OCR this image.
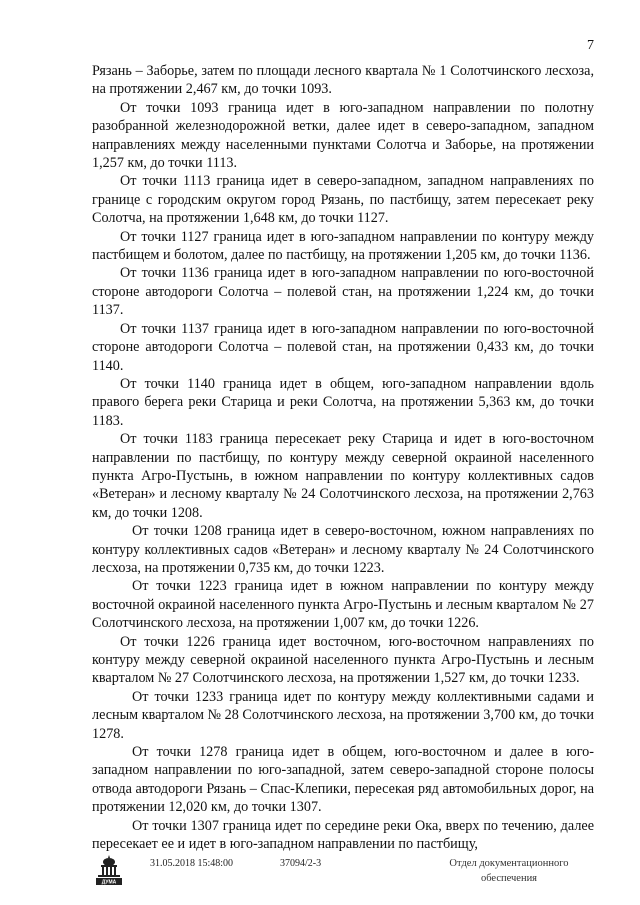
7

Рязань – Заборье, затем по площади лесного квартала № 1 Солотчинского лесхоза, на протяжении 2,467 км, до точки 1093.

От точки 1093 граница идет в юго-западном направлении по полотну разобранной железнодорожной ветки, далее идет в северо-западном, западном направлениях между населенными пунктами Солотча и Заборье, на протяжении 1,257 км, до точки 1113.

От точки 1113 граница идет в северо-западном, западном направлениях по границе с городским округом город Рязань, по пастбищу, затем пересекает реку Солотча, на протяжении 1,648 км, до точки 1127.

От точки 1127 граница идет в юго-западном направлении по контуру между пастбищем и болотом, далее по пастбищу, на протяжении 1,205 км, до точки 1136.

От точки 1136 граница идет в юго-западном направлении по юго-восточной стороне автодороги Солотча – полевой стан, на протяжении 1,224 км, до точки 1137.

От точки 1137 граница идет в юго-западном направлении по юго-восточной стороне автодороги Солотча – полевой стан, на протяжении 0,433 км, до точки 1140.

От точки 1140 граница идет в общем, юго-западном направлении вдоль правого берега реки Старица и реки Солотча, на протяжении 5,363 км, до точки 1183.

От точки 1183 граница пересекает реку Старица и идет в юго-восточном направлении по пастбищу, по контуру между северной окраиной населенного пункта Агро-Пустынь, в южном направлении по контуру коллективных садов «Ветеран» и лесному кварталу № 24 Солотчинского лесхоза, на протяжении 2,763 км, до точки 1208.

От точки 1208 граница идет в северо-восточном, южном направлениях по контуру коллективных садов «Ветеран» и лесному кварталу № 24 Солотчинского лесхоза, на протяжении 0,735 км, до точки 1223.

От точки 1223 граница идет в южном направлении по контуру между восточной окраиной населенного пункта Агро-Пустынь и лесным кварталом № 27 Солотчинского лесхоза, на протяжении 1,007 км, до точки 1226.

От точки 1226 граница идет восточном, юго-восточном направлениях по контуру между северной окраиной населенного пункта Агро-Пустынь и лесным кварталом № 27 Солотчинского лесхоза, на протяжении 1,527 км, до точки 1233.

От точки 1233 граница идет по контуру между коллективными садами и лесным кварталом № 28 Солотчинского лесхоза, на протяжении 3,700 км, до точки 1278.

От точки 1278 граница идет в общем, юго-восточном и далее в юго-западном направлении по юго-западной, затем северо-западной стороне полосы отвода автодороги Рязань – Спас-Клепики, пересекая ряд автомобильных дорог, на протяжении 12,020 км, до точки 1307.

От точки 1307 граница идет по середине реки Ока, вверх по течению, далее пересекает ее и идет в юго-западном направлении по пастбищу,

ДУМА
31.05.2018 15:48:00	37094/2-3	Отдел документационного
обеспечения
